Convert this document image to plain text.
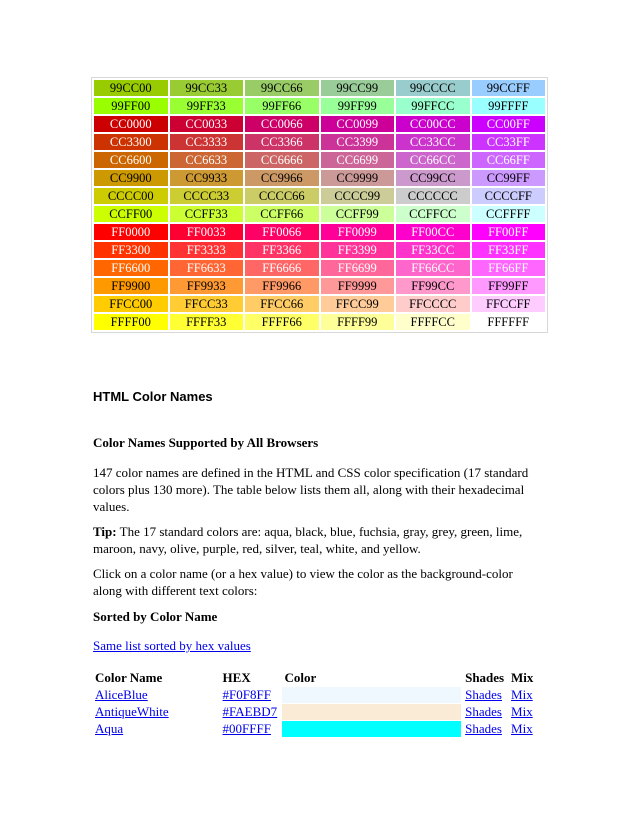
99CC00	99CC33	99CC66	99CC99	99CCCC	99CCFF
99FF00	99FF33	99FF66	99FF99	99FFCC	99FFFF
CC0000	CC0033	CC0066	CC0099	CC00CC	CC00FF
CC3300	CC3333	CC3366	CC3399	CC33CC	CC33FF
CC6600	CC6633	CC6666	CC6699	CC66CC	CC66FF
CC9900	CC9933	CC9966	CC9999	CC99CC	CC99FF
CCCC00	CCCC33	CCCC66	CCCC99	CCCCCC	CCCCFF
CCFF00	CCFF33	CCFF66	CCFF99	CCFFCC	CCFFFF
FF0000	FF0033	FF0066	FF0099	FF00CC	FF00FF
FF3300	FF3333	FF3366	FF3399	FF33CC	FF33FF
FF6600	FF6633	FF6666	FF6699	FF66CC	FF66FF
FF9900	FF9933	FF9966	FF9999	FF99CC	FF99FF
FFCC00	FFCC33	FFCC66	FFCC99	FFCCCC	FFCCFF
FFFF00	FFFF33	FFFF66	FFFF99	FFFFCC	FFFFFF
HTML Color Names
Color Names Supported by All Browsers

147 color names are defined in the HTML and CSS color specification (17 standard colors plus 130 more). The table below lists them all, along with their hexadecimal values.

Tip: The 17 standard colors are: aqua, black, blue, fuchsia, gray, grey, green, lime, maroon, navy, olive, purple, red, silver, teal, white, and yellow.

Click on a color name (or a hex value) to view the color as the background-color along with different text colors:

Sorted by Color Name

Same list sorted by hex values
Color Name	HEX	Color	Shades	Mix
AliceBlue	#F0F8FF		Shades	Mix
AntiqueWhite	#FAEBD7		Shades	Mix
Aqua	#00FFFF		Shades	Mix
